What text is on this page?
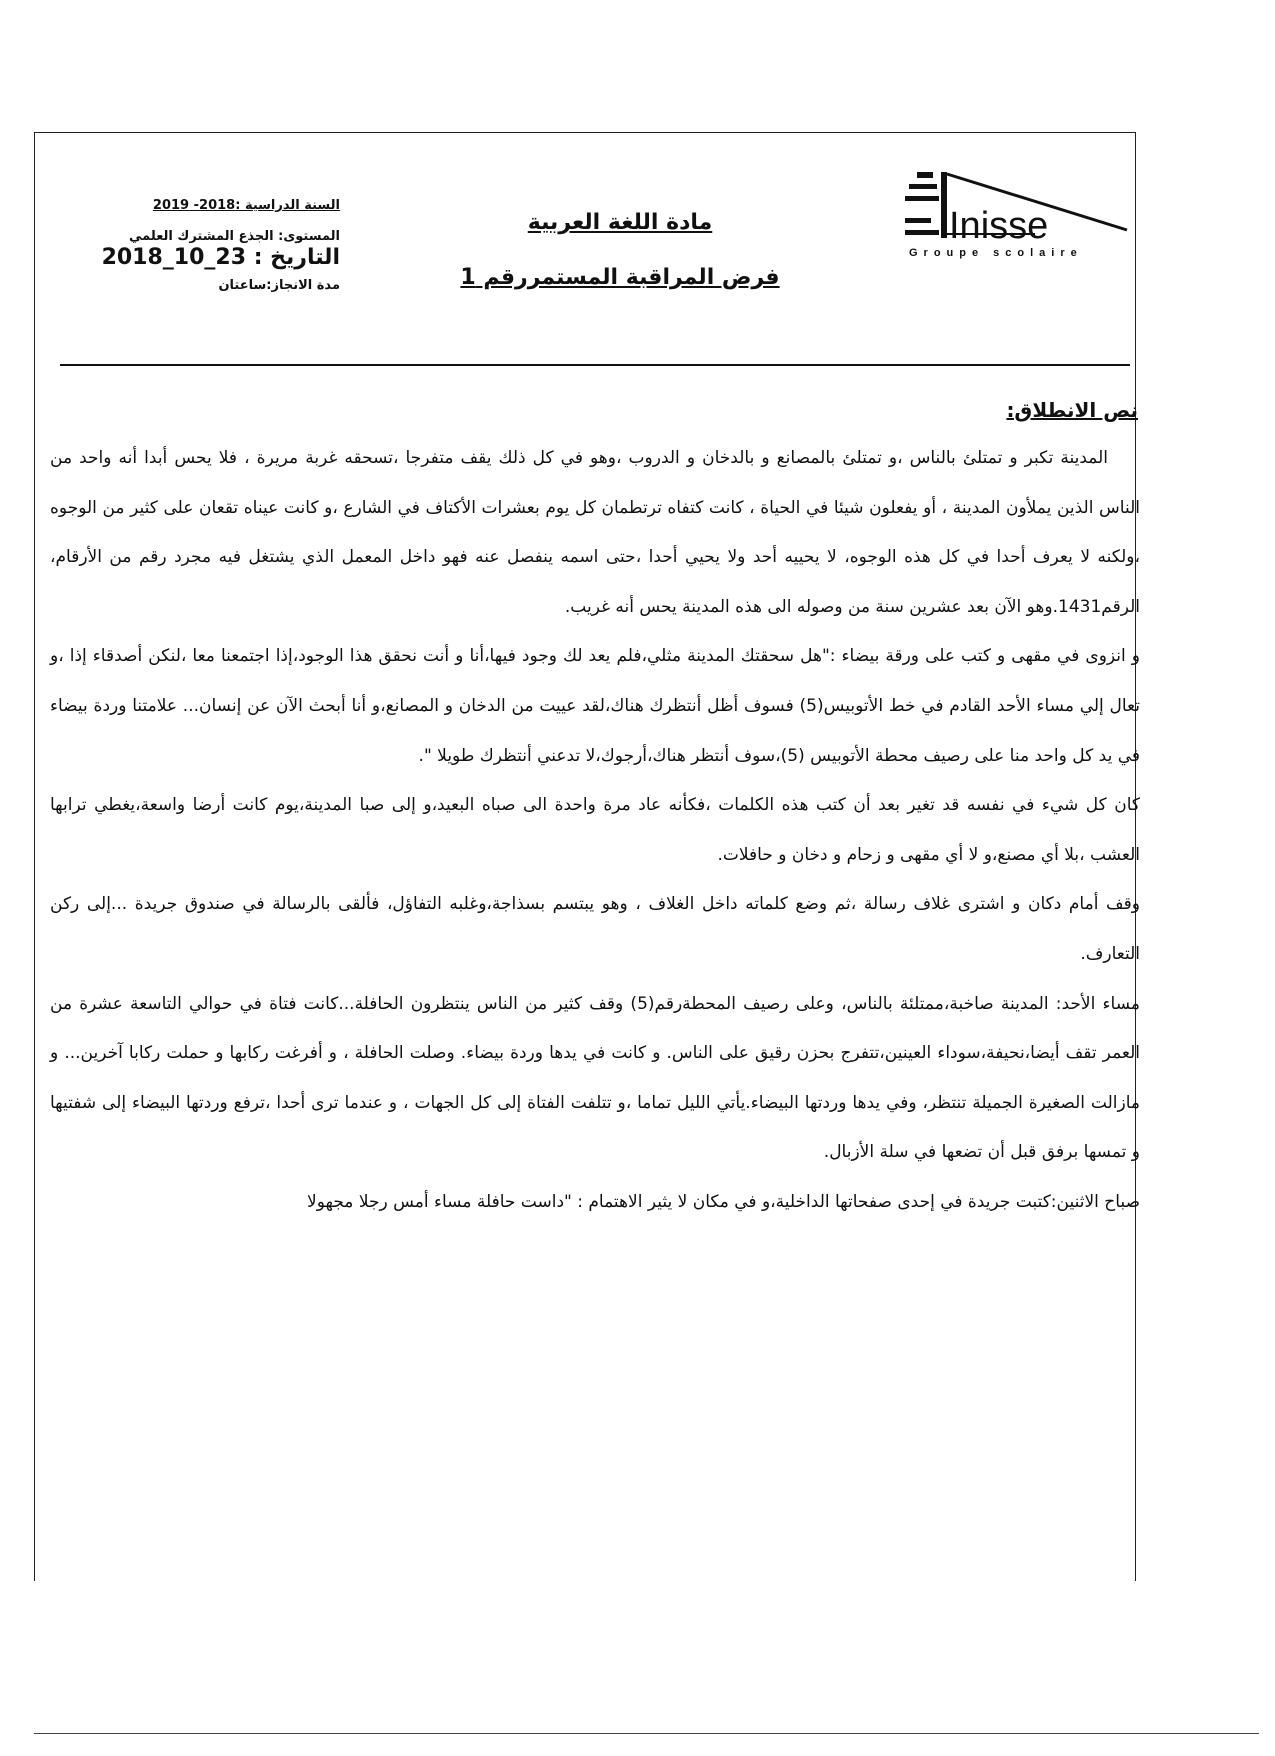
Inisse
Groupe scolaire
مادة اللغة العربية
فرض المراقبة المستمررقم 1
السنة الدراسية :2018- 2019
المستوى: الجذع المشترك العلمي
التاريخ : 23_10_2018
مدة الانجاز:ساعتان
نص الانطلاق:

المدينة تكبر و تمتلئ بالناس ،و تمتلئ بالمصانع و بالدخان و الدروب ،وهو في كل ذلك يقف متفرجا ،تسحقه غربة مريرة ، فلا يحس أبدا أنه واحد من الناس الذين يملأون المدينة ، أو يفعلون شيئا في الحياة ، كانت كتفاه ترتطمان كل يوم بعشرات الأكتاف في الشارع ،و كانت عيناه تقعان على كثير من الوجوه ،ولكنه لا يعرف أحدا في كل هذه الوجوه، لا يحييه أحد ولا يحيي أحدا ،حتى اسمه ينفصل عنه فهو داخل المعمل الذي يشتغل فيه مجرد رقم من الأرقام، الرقم1431.وهو الآن بعد عشرين سنة من وصوله الى هذه المدينة يحس أنه غريب.

و انزوى في مقهى و كتب على ورقة بيضاء :"هل سحقتك المدينة مثلي،فلم يعد لك وجود فيها،أنا و أنت نحقق هذا الوجود،إذا اجتمعنا معا ،لنكن أصدقاء إذا ،و تعال إلي مساء الأحد القادم في خط الأتوبيس(5) فسوف أظل أنتظرك هناك،لقد عييت من الدخان و المصانع،و أنا أبحث الآن عن إنسان... علامتنا وردة بيضاء في يد كل واحد منا على رصيف محطة الأتوبيس (5)،سوف أنتظر هناك،أرجوك،لا تدعني أنتظرك طويلا ".

كان كل شيء في نفسه قد تغير بعد أن كتب هذه الكلمات ،فكأنه عاد مرة واحدة الى صباه البعيد،و إلى صبا المدينة،يوم كانت أرضا واسعة،يغطي ترابها العشب ،بلا أي مصنع،و لا أي مقهى و زحام و دخان و حافلات.

وقف أمام دكان و اشترى غلاف رسالة ،ثم وضع كلماته داخل الغلاف ، وهو يبتسم بسذاجة،وغلبه التفاؤل، فألقى بالرسالة في صندوق جريدة ...إلى ركن التعارف.

مساء الأحد: المدينة صاخبة،ممتلئة بالناس، وعلى رصيف المحطةرقم(5) وقف كثير من الناس ينتظرون الحافلة...كانت فتاة في حوالي التاسعة عشرة من العمر تقف أيضا،نحيفة،سوداء العينين،تتفرج بحزن رقيق على الناس. و كانت في يدها وردة بيضاء. وصلت الحافلة ، و أفرغت ركابها و حملت ركابا آخرين... و مازالت الصغيرة الجميلة تنتظر، وفي يدها وردتها البيضاء.يأتي الليل تماما ،و تتلفت الفتاة إلى كل الجهات ، و عندما ترى أحدا ،ترفع وردتها البيضاء إلى شفتيها و تمسها برفق قبل أن تضعها في سلة الأزبال.

صباح الاثنين:كتبت جريدة في إحدى صفحاتها الداخلية،و في مكان لا يثير الاهتمام : "داست حافلة مساء أمس رجلا مجهولا
